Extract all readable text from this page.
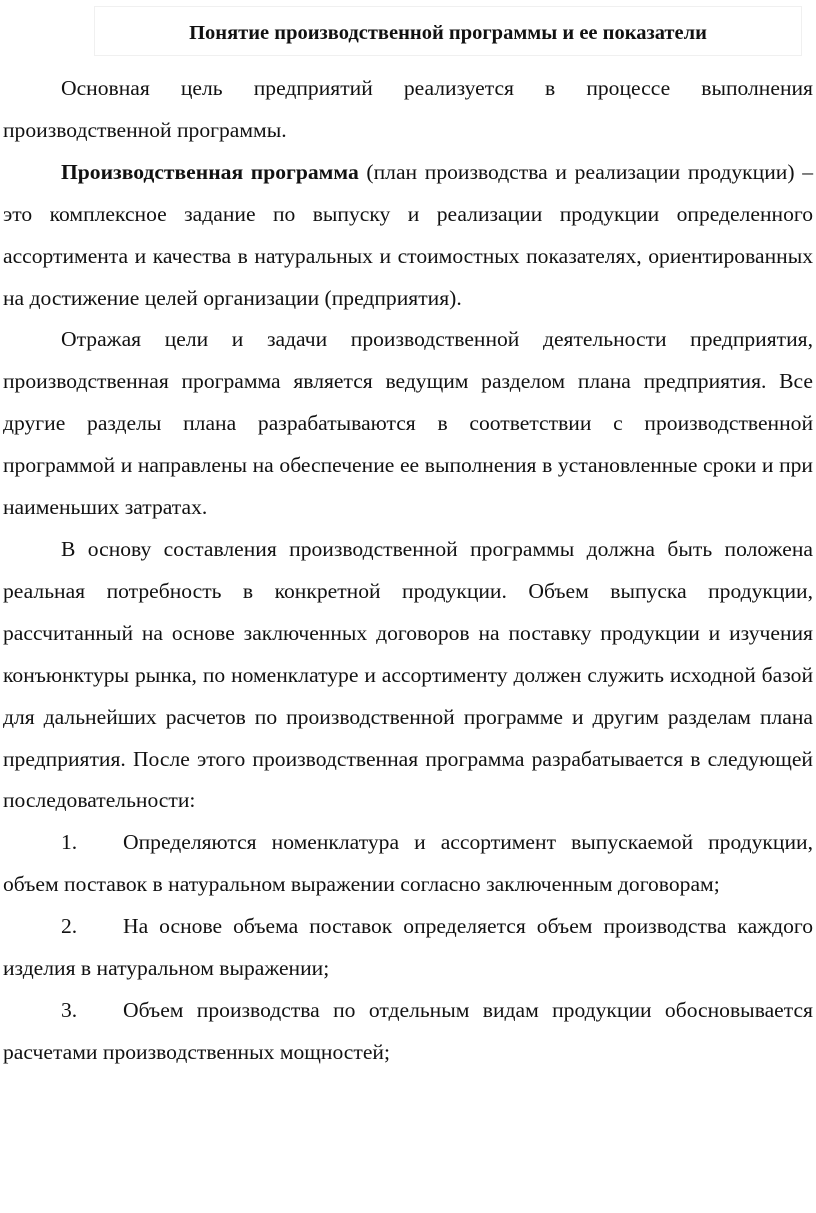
Понятие производственной программы и ее показатели

Основная цель предприятий реализуется в процессе выполнения производственной программы.

Производственная программа (план производства и реализации продукции) – это комплексное задание по выпуску и реализации продукции определенного ассортимента и качества в натуральных и стоимостных показателях, ориентированных на достижение целей организации (предприятия).

Отражая цели и задачи производственной деятельности предприятия, производственная программа является ведущим разделом плана предприятия. Все другие разделы плана разрабатываются в соответствии с производственной программой и направлены на обеспечение ее выполнения в установленные сроки и при наименьших затратах.

В основу составления производственной программы должна быть положена реальная потребность в конкретной продукции. Объем выпуска продукции, рассчитанный на основе заключенных договоров на поставку продукции и изучения конъюнктуры рынка, по номенклатуре и ассортименту должен служить исходной базой для дальнейших расчетов по производственной программе и другим разделам плана предприятия. После этого производственная программа разрабатывается в следующей последовательности:

1. Определяются номенклатура и ассортимент выпускаемой продукции, объем поставок в натуральном выражении согласно заключенным договорам;

2. На основе объема поставок определяется объем производства каждого изделия в натуральном выражении;

3. Объем производства по отдельным видам продукции обосновывается расчетами производственных мощностей;
